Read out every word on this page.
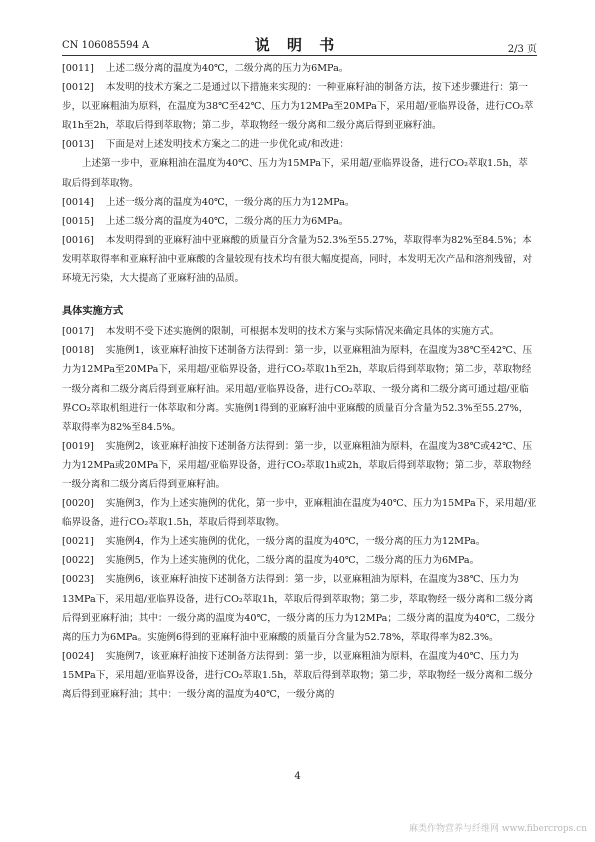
CN 106085594 A	说 明 书	2/3 页
[0011] 上述二级分离的温度为40℃，二级分离的压力为6MPa。
[0012] 本发明的技术方案之二是通过以下措施来实现的：一种亚麻籽油的制备方法，按下述步骤进行：第一步，以亚麻粗油为原料，在温度为38℃至42℃、压力为12MPa至20MPa下，采用超/亚临界设备，进行CO₂萃取1h至2h，萃取后得到萃取物；第二步，萃取物经一级分离和二级分离后得到亚麻籽油。
[0013] 下面是对上述发明技术方案之二的进一步优化或/和改进：
上述第一步中，亚麻粗油在温度为40℃、压力为15MPa下，采用超/亚临界设备，进行CO₂萃取1.5h，萃取后得到萃取物。
[0014] 上述一级分离的温度为40℃，一级分离的压力为12MPa。
[0015] 上述二级分离的温度为40℃，二级分离的压力为6MPa。
[0016] 本发明得到的亚麻籽油中亚麻酸的质量百分含量为52.3%至55.27%，萃取得率为82%至84.5%；本发明萃取得率和亚麻籽油中亚麻酸的含量较现有技术均有很大幅度提高，同时，本发明无次产品和溶剂残留，对环境无污染，大大提高了亚麻籽油的品质。
具体实施方式
[0017] 本发明不受下述实施例的限制，可根据本发明的技术方案与实际情况来确定具体的实施方式。
[0018] 实施例1，该亚麻籽油按下述制备方法得到：第一步，以亚麻粗油为原料，在温度为38℃至42℃、压力为12MPa至20MPa下，采用超/亚临界设备，进行CO₂萃取1h至2h，萃取后得到萃取物；第二步，萃取物经一级分离和二级分离后得到亚麻籽油。采用超/亚临界设备，进行CO₂萃取、一级分离和二级分离可通过超/亚临界CO₂萃取机组进行一体萃取和分离。实施例1得到的亚麻籽油中亚麻酸的质量百分含量为52.3%至55.27%，萃取得率为82%至84.5%。
[0019] 实施例2，该亚麻籽油按下述制备方法得到：第一步，以亚麻粗油为原料，在温度为38℃或42℃、压力为12MPa或20MPa下，采用超/亚临界设备，进行CO₂萃取1h或2h，萃取后得到萃取物；第二步，萃取物经一级分离和二级分离后得到亚麻籽油。
[0020] 实施例3，作为上述实施例的优化，第一步中，亚麻粗油在温度为40℃、压力为15MPa下，采用超/亚临界设备，进行CO₂萃取1.5h，萃取后得到萃取物。
[0021] 实施例4，作为上述实施例的优化，一级分离的温度为40℃，一级分离的压力为12MPa。
[0022] 实施例5，作为上述实施例的优化，二级分离的温度为40℃，二级分离的压力为6MPa。
[0023] 实施例6，该亚麻籽油按下述制备方法得到：第一步，以亚麻粗油为原料，在温度为38℃、压力为13MPa下，采用超/亚临界设备，进行CO₂萃取1h，萃取后得到萃取物；第二步，萃取物经一级分离和二级分离后得到亚麻籽油；其中：一级分离的温度为40℃，一级分离的压力为12MPa；二级分离的温度为40℃，二级分离的压力为6MPa。实施例6得到的亚麻籽油中亚麻酸的质量百分含量为52.78%，萃取得率为82.3%。
[0024] 实施例7，该亚麻籽油按下述制备方法得到：第一步，以亚麻粗油为原料，在温度为40℃、压力为15MPa下，采用超/亚临界设备，进行CO₂萃取1.5h，萃取后得到萃取物；第二步，萃取物经一级分离和二级分离后得到亚麻籽油；其中：一级分离的温度为40℃，一级分离的
4
麻类作物营养与纤维网 www.fibercrops.cn
